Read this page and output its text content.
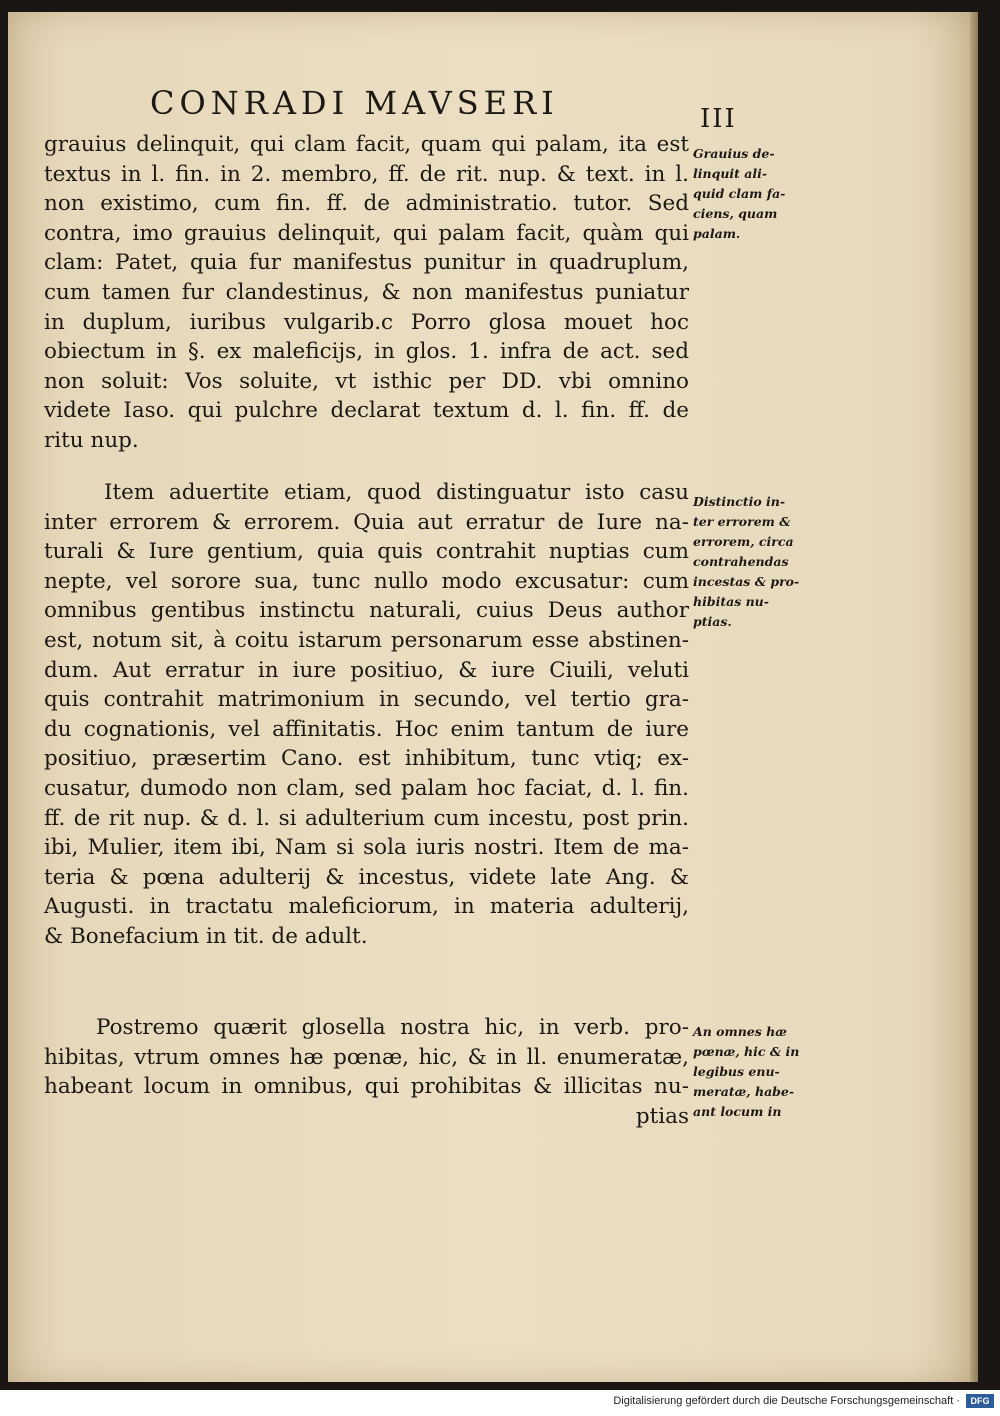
CONRADI MAVSERI	III
grauius delinquit, qui clam facit, quam qui palam, ita est
textus in l. fin. in 2. membro, ff. de rit. nup. & text. in l.
non existimo, cum fin. ff. de administratio. tutor. Sed
contra, imo grauius delinquit, qui palam facit, quàm qui
clam: Patet, quia fur manifestus punitur in quadruplum,
cum tamen fur clandestinus, & non manifestus puniatur
in duplum, iuribus vulgarib.c Porro glosa mouet hoc
obiectum in §. ex maleficijs, in glos. 1. infra de act. sed
non soluit: Vos soluite, vt isthic per DD. vbi omnino
videte Iaso. qui pulchre declarat textum d. l. fin. ff. de
ritu nup.
Item aduertite etiam, quod distinguatur isto casu
inter errorem & errorem. Quia aut erratur de Iure na-
turali & Iure gentium, quia quis contrahit nuptias cum
nepte, vel sorore sua, tunc nullo modo excusatur: cum
omnibus gentibus instinctu naturali, cuius Deus author
est, notum sit, à coitu istarum personarum esse abstinen-
dum. Aut erratur in iure positiuo, & iure Ciuili, veluti
quis contrahit matrimonium in secundo, vel tertio gra-
du cognationis, vel affinitatis. Hoc enim tantum de iure
positiuo, præsertim Cano. est inhibitum, tunc vtiq; ex-
cusatur, dumodo non clam, sed palam hoc faciat, d. l. fin.
ff. de rit nup. & d. l. si adulterium cum incestu, post prin.
ibi, Mulier, item ibi, Nam si sola iuris nostri. Item de ma-
teria & pœna adulterij & incestus, videte late Ang. &
Augusti. in tractatu maleficiorum, in materia adulterij,
& Bonefacium in tit. de adult.
Postremo quærit glosella nostra hic, in verb. pro-
hibitas, vtrum omnes hæ pœnæ, hic, & in ll. enumeratæ,
habeant locum in omnibus, qui prohibitas & illicitas nu-
ptias
Grauius de-
linquit ali-
quid clam fa-
ciens, quam
palam.
Distinctio in-
ter errorem &
errorem, circa
contrahendas
incestas & pro-
hibitas nu-
ptias.
An omnes hæ
pœnæ, hic & in
legibus enu-
meratæ, habe-
ant locum in
Digitalisierung gefördert durch die Deutsche Forschungsgemeinschaft ·	DFG
